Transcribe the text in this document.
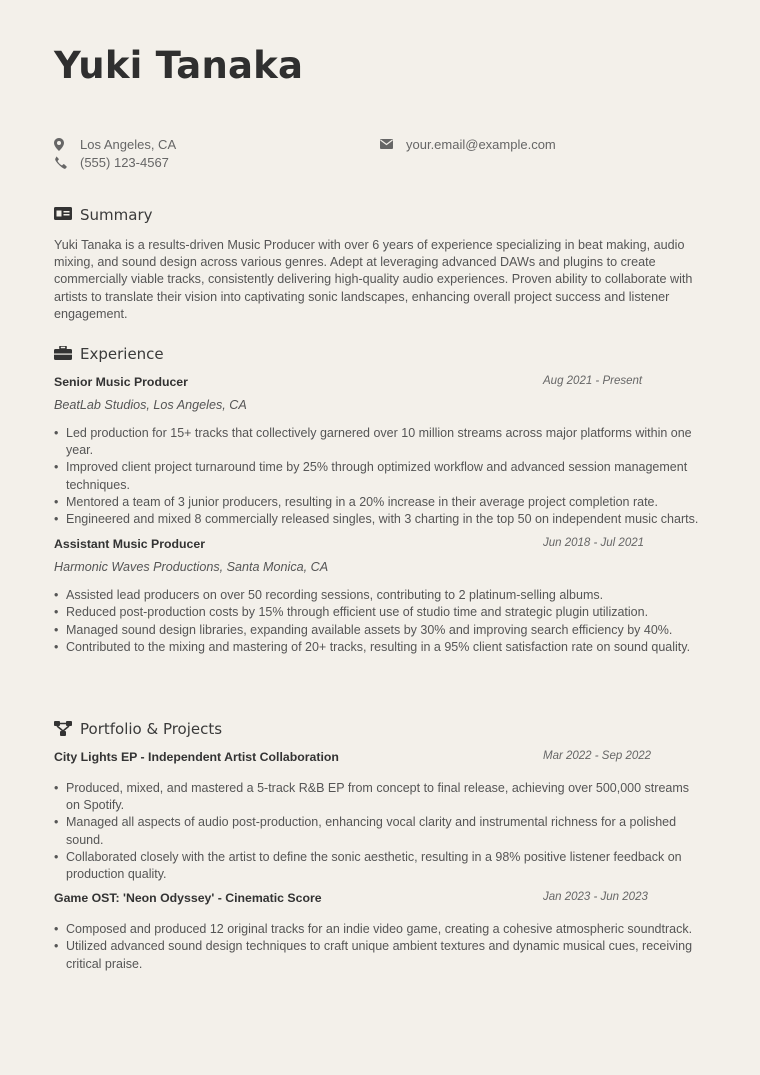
Yuki Tanaka
Los Angeles, CA
(555) 123-4567
your.email@example.com
Summary
Yuki Tanaka is a results-driven Music Producer with over 6 years of experience specializing in beat making, audio mixing, and sound design across various genres. Adept at leveraging advanced DAWs and plugins to create commercially viable tracks, consistently delivering high-quality audio experiences. Proven ability to collaborate with artists to translate their vision into captivating sonic landscapes, enhancing overall project success and listener engagement.
Experience
Senior Music Producer	Aug 2021 - Present
BeatLab Studios, Los Angeles, CA
• Led production for 15+ tracks that collectively garnered over 10 million streams across major platforms within one year.
• Improved client project turnaround time by 25% through optimized workflow and advanced session management techniques.
• Mentored a team of 3 junior producers, resulting in a 20% increase in their average project completion rate.
• Engineered and mixed 8 commercially released singles, with 3 charting in the top 50 on independent music charts.
Assistant Music Producer	Jun 2018 - Jul 2021
Harmonic Waves Productions, Santa Monica, CA
• Assisted lead producers on over 50 recording sessions, contributing to 2 platinum-selling albums.
• Reduced post-production costs by 15% through efficient use of studio time and strategic plugin utilization.
• Managed sound design libraries, expanding available assets by 30% and improving search efficiency by 40%.
• Contributed to the mixing and mastering of 20+ tracks, resulting in a 95% client satisfaction rate on sound quality.
Portfolio & Projects
City Lights EP - Independent Artist Collaboration	Mar 2022 - Sep 2022
• Produced, mixed, and mastered a 5-track R&B EP from concept to final release, achieving over 500,000 streams on Spotify.
• Managed all aspects of audio post-production, enhancing vocal clarity and instrumental richness for a polished sound.
• Collaborated closely with the artist to define the sonic aesthetic, resulting in a 98% positive listener feedback on production quality.
Game OST: 'Neon Odyssey' - Cinematic Score	Jan 2023 - Jun 2023
• Composed and produced 12 original tracks for an indie video game, creating a cohesive atmospheric soundtrack.
• Utilized advanced sound design techniques to craft unique ambient textures and dynamic musical cues, receiving critical praise.
